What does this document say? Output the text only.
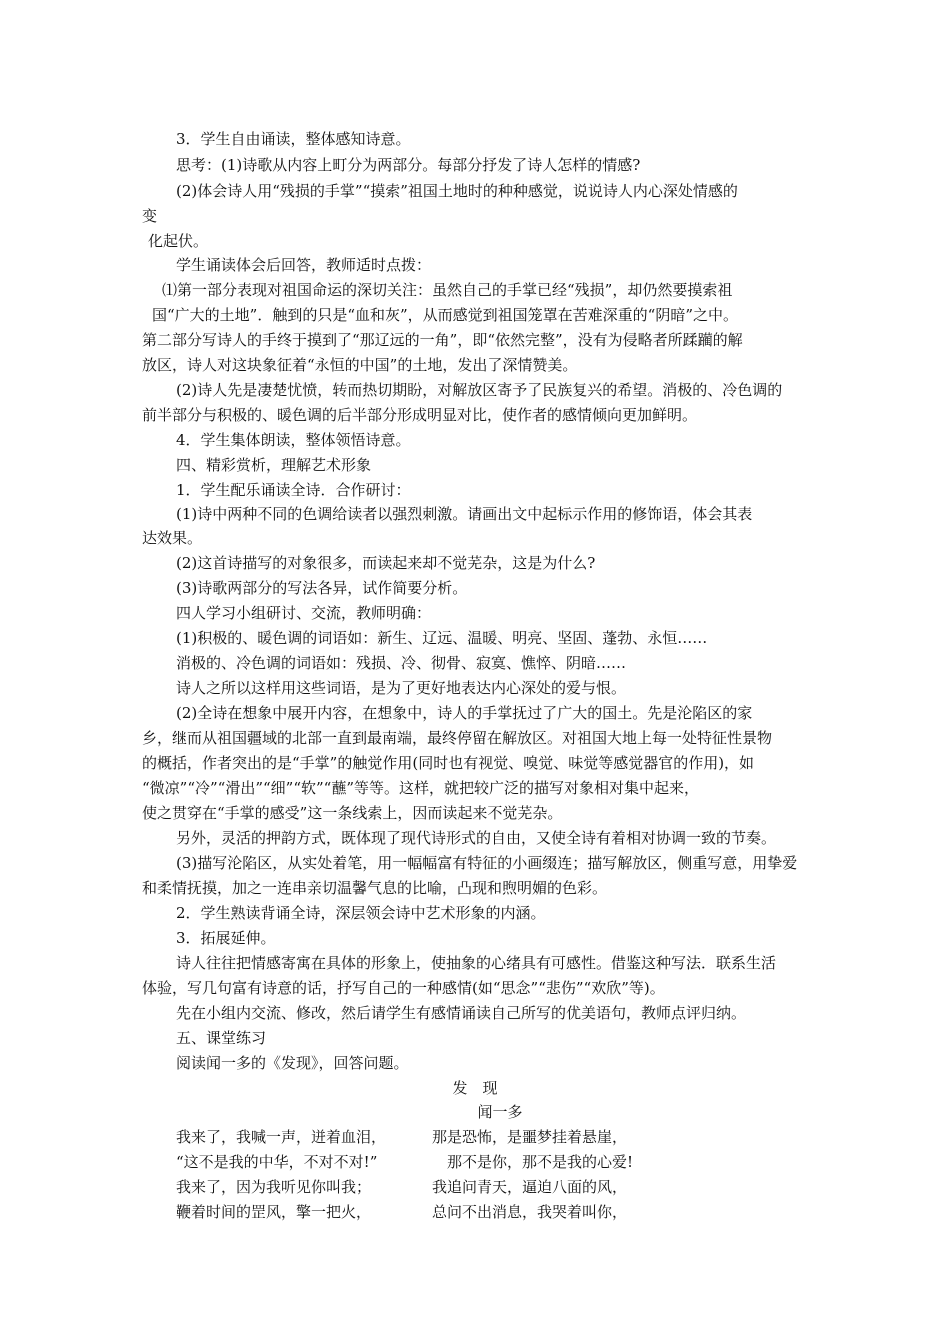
3．学生自由诵读，整体感知诗意。
思考：(1)诗歌从内容上町分为两部分。每部分抒发了诗人怎样的情感?
(2)体会诗人用“残损的手掌”“摸索”祖国土地时的种种感觉，说说诗人内心深处情感的
变
化起伏。
学生诵读体会后回答，教师适时点拨：
⑴第一部分表现对祖国命运的深切关注：虽然自己的手掌已经“残损”，却仍然要摸索祖
国“广大的土地”．触到的只是“血和灰”，从而感觉到祖国笼罩在苦难深重的“阴暗”之中。
第二部分写诗人的手终于摸到了“那辽远的一角”，即“依然完整”，没有为侵略者所蹂躏的解
放区，诗人对这块象征着“永恒的中国”的土地，发出了深情赞美。
(2)诗人先是凄楚忧愤，转而热切期盼，对解放区寄予了民族复兴的希望。消极的、冷色调的
前半部分与积极的、暖色调的后半部分形成明显对比，使作者的感情倾向更加鲜明。
4．学生集体朗读，整体领悟诗意。
四、精彩赏析，理解艺术形象
1．学生配乐诵读全诗．合作研讨：
(1)诗中两种不同的色调给读者以强烈刺激。请画出文中起标示作用的修饰语，体会其表
达效果。
(2)这首诗描写的对象很多，而读起来却不觉芜杂，这是为什么?
(3)诗歌两部分的写法各异，试作简要分析。
四人学习小组研讨、交流，教师明确：
(1)积极的、暖色调的词语如：新生、辽远、温暖、明亮、坚固、蓬勃、永恒……
消极的、冷色调的词语如：残损、冷、彻骨、寂寞、憔悴、阴暗……
诗人之所以这样用这些词语，是为了更好地表达内心深处的爱与恨。
(2)全诗在想象中展开内容，在想象中，诗人的手掌抚过了广大的国土。先是沦陷区的家
乡，继而从祖国疆域的北部一直到最南端，最终停留在解放区。对祖国大地上每一处特征性景物
的概括，作者突出的是“手掌”的触觉作用(同时也有视觉、嗅觉、味觉等感觉器官的作用)，如
“微凉”“冷”“滑出”“细”“软”“蘸”等等。这样，就把较广泛的描写对象相对集中起来，
使之贯穿在“手掌的感受”这一条线索上，因而读起来不觉芜杂。
另外，灵活的押韵方式，既体现了现代诗形式的自由，又使全诗有着相对协调一致的节奏。
(3)描写沦陷区，从实处着笔，用一幅幅富有特征的小画缀连；描写解放区，侧重写意，用挚爱
和柔情抚摸，加之一连串亲切温馨气息的比喻，凸现和煦明媚的色彩。
2．学生熟读背诵全诗，深层领会诗中艺术形象的内涵。
3．拓展延伸。
诗人往往把情感寄寓在具体的形象上，使抽象的心绪具有可感性。借鉴这种写法．联系生活
体验，写几句富有诗意的话，抒写自己的一种感情(如“思念”“悲伤”“欢欣”等)。
先在小组内交流、修改，然后请学生有感情诵读自己所写的优美语句，教师点评归纳。
五、课堂练习
阅读闻一多的《发现》，回答问题。
发　现
闻一多
我来了，我喊一声，迸着血泪，
“这不是我的中华，不对不对!”
我来了，因为我听见你叫我；
鞭着时间的罡风，擎一把火，
那是恐怖，是噩梦挂着悬崖，
那不是你，那不是我的心爱!
我追问青天，逼迫八面的风，
总问不出消息，我哭着叫你，
